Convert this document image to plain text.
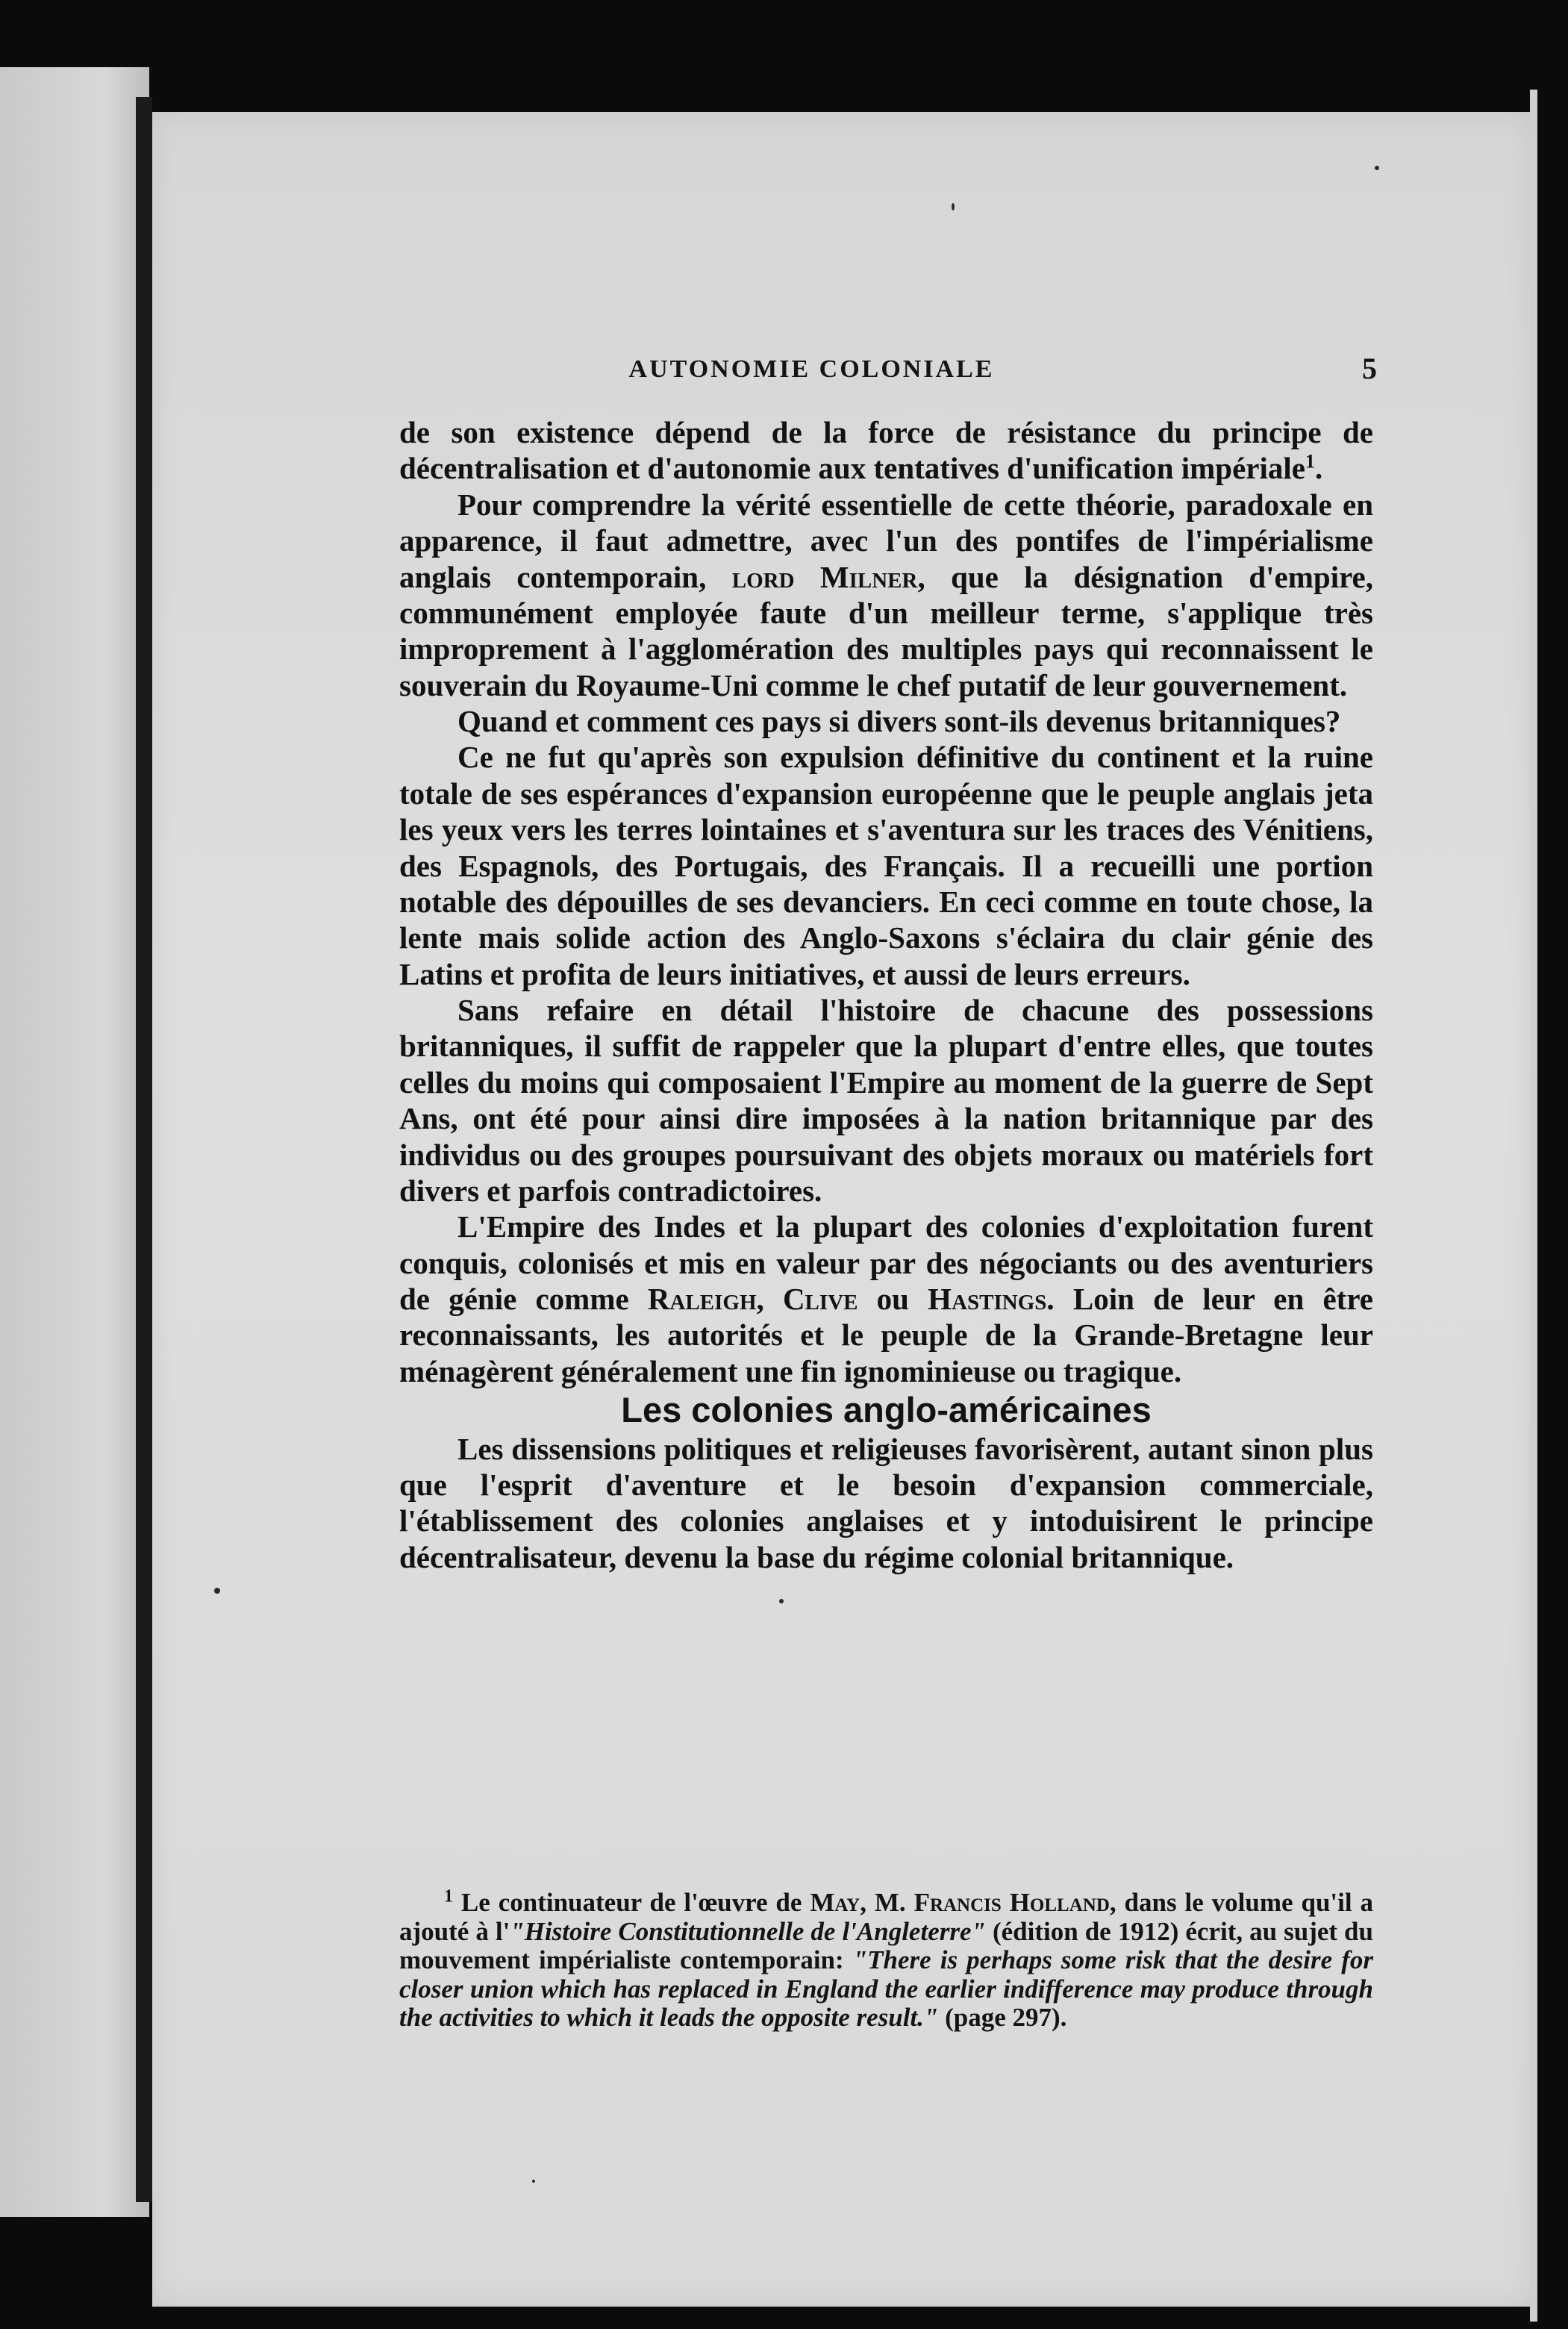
AUTONOMIE COLONIALE	5

de son existence dépend de la force de résistance du principe de décentralisation et d'autonomie aux tentatives d'unification impériale$^1$.

Pour comprendre la vérité essentielle de cette théorie, paradoxale en apparence, il faut admettre, avec l'un des pontifes de l'impérialisme anglais contemporain, lord Milner, que la désignation d'empire, communément employée faute d'un meilleur terme, s'applique très improprement à l'agglomération des multiples pays qui reconnaissent le souverain du Royaume-Uni comme le chef putatif de leur gouvernement.

Quand et comment ces pays si divers sont-ils devenus britanniques?

Ce ne fut qu'après son expulsion définitive du continent et la ruine totale de ses espérances d'expansion européenne que le peuple anglais jeta les yeux vers les terres lointaines et s'aventura sur les traces des Vénitiens, des Espagnols, des Portugais, des Français. Il a recueilli une portion notable des dépouilles de ses devanciers. En ceci comme en toute chose, la lente mais solide action des Anglo-Saxons s'éclaira du clair génie des Latins et profita de leurs initiatives, et aussi de leurs erreurs.

Sans refaire en détail l'histoire de chacune des possessions britanniques, il suffit de rappeler que la plupart d'entre elles, que toutes celles du moins qui composaient l'Empire au moment de la guerre de Sept Ans, ont été pour ainsi dire imposées à la nation britannique par des individus ou des groupes poursuivant des objets moraux ou matériels fort divers et parfois contradictoires.

L'Empire des Indes et la plupart des colonies d'exploitation furent conquis, colonisés et mis en valeur par des négociants ou des aventuriers de génie comme Raleigh, Clive ou Hastings. Loin de leur en être reconnaissants, les autorités et le peuple de la Grande-Bretagne leur ménagèrent généralement une fin ignominieuse ou tragique.

Les colonies anglo-américaines

Les dissensions politiques et religieuses favorisèrent, autant sinon plus que l'esprit d'aventure et le besoin d'expansion commerciale, l'établissement des colonies anglaises et y intoduisirent le principe décentralisateur, devenu la base du régime colonial britannique.

$^1$ Le continuateur de l'œuvre de May, M. Francis Holland, dans le volume qu'il a ajouté à l'"Histoire Constitutionnelle de l'Angleterre" (édition de 1912) écrit, au sujet du mouvement impérialiste contemporain: "There is perhaps some risk that the desire for closer union which has replaced in England the earlier indifference may produce through the activities to which it leads the opposite result." (page 297).
